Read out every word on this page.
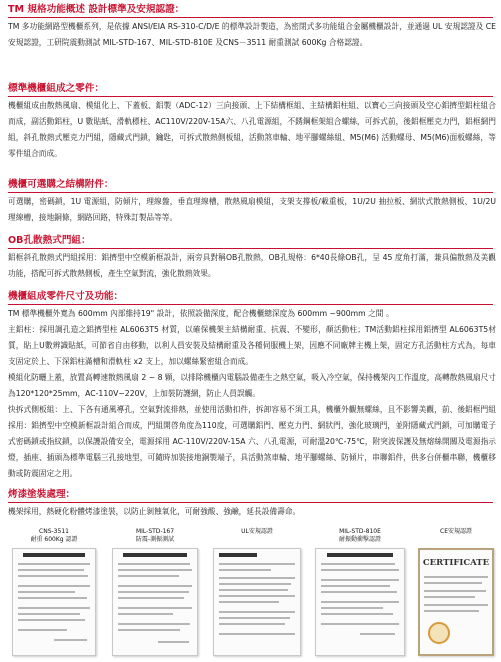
TM 規格功能概述 設計標準及安規認證：

TM 多功能網路型機櫃系列，是依據 ANSI/EIA RS-310-C/D/E 的標準設計製造，為密閉式多功能組合金屬機櫃設計，並通過 UL 安規認證及 CE 安規認證，工研院震動測試 MIL-STD-167、MIL-STD-810E 及CNS－3511 耐重測試 600Kg 合格認證。

標準機櫃組成之零件：

機櫃組成由散熱風扇、模組化上、下蓋板、鋁製（ADC-12）三向接頭、上下結構框組、主結構鋁柱組、以寶心三向接頭及空心鋁擠型鋁柱組合而成，副活動鋁柱，U 數貼紙、滑軌標柱、AC110V/220V-15A六、八孔電源組，不銹鋼框架組合螺絲，可拆式前，後鋁框壓克力門，鋁框網門組，斜孔散熱式壓克力門組，隱藏式門鎖，鑰匙，可拆式散熱側板組，活動煞車輪、地平腳螺絲組、M5(M6) 活動螺母、M5(M6)面板螺絲，等零件組合而成。

機櫃可選購之結構附件：

可選購，密碼鎖，1U 電源組，防傾片，理線盤，垂直理線槽，散熱風扇模組，支架支撐板/載重板，1U/2U 抽拉板、網狀式散熱側板、1U/2U理線槽，接地銅條，網路回路，特殊訂製品等等。

OB孔散熱式門組：

鋁框斜孔散熱式門組採用：鋁擠型中空模新框設計，兩旁具對稱OB孔散熱，OB孔規格：6*40長條OB孔，呈 45 度角打滿，兼具偏散熱及美觀功能，搭配可拆式散熱側板，產生空氣對流，強化散熱效果。

機櫃組成零件尺寸及功能：

TM 標準機櫃外寬為 600mm 內部維持19" 設計，依照設備深度，配合機櫃總深度為 600mm ~900mm 之間 。

主鋁柱：採用調孔造之鋁擠型柱 AL6063T5 材質，以確保機架主結構耐重、抗震、不變形，顏活動柱；TM活動鋁柱採用鋁擠型 AL6063T5材質，貼上U數辨識貼紙，可節省自由移動，以利人員安裝及結構耐重及各種伺服機上架，因應不同廠牌主機上架，固定方孔活動柱方式為，每車支固定於上、下深鋁柱滿槽和滑軌柱 x2 支上，加以螺絲緊密組合而成。

模組化防曬上蓋，放置高轉速散熱風扇 2 ~ 8 顆，以排除機櫃內電腦設備產生之熱空氣，吸入冷空氣，保持機架內工作溫度，高轉散熱風扇尺寸為120*120*25mm，AC-110V~220V，上加裝防護網，防止人員誤觸。

快拆式側板組：上、下各有通風導孔，空氣對流排熱，並使用活動扣件，拆卸容易不須工具，機櫃外觀無螺絲，且不影響美觀，前、後鋁框門組採用：鋁擠型中空模新框設計組合而成，門組開啓角度為110度，可選購鋁門、壓克力門、網狀門，強化玻璃門，並附隱藏式門鎖，可加購電子式密碼鎖或指紋鎖，以保護設備安全，電源採用 AC-110V/220V-15A 六、八孔電源，可耐溫20℃-75℃，附突波保護及無熔絲開關及電源指示燈，插座、插頭為標準電腦三孔接地型，可隨時加裝接地銅製端子，具活動煞車輪、地平腳螺絲、防傾片，串聯鋁件，供多台併櫃串聯，機櫃移動或防震固定之用。

烤漆塗裝處理：

機架採用，熱硬化粉體烤漆塗裝，以防止剝蝕氧化，可耐強酸、強鹼，延長設備壽命。

CNS-3511
耐重 600Kg 認證
MIL-STD-167
防震-測振測試
UL安規認證	MIL-STD-810E
耐振動衝擊認證
CE安規認證
CERTIFICATE
